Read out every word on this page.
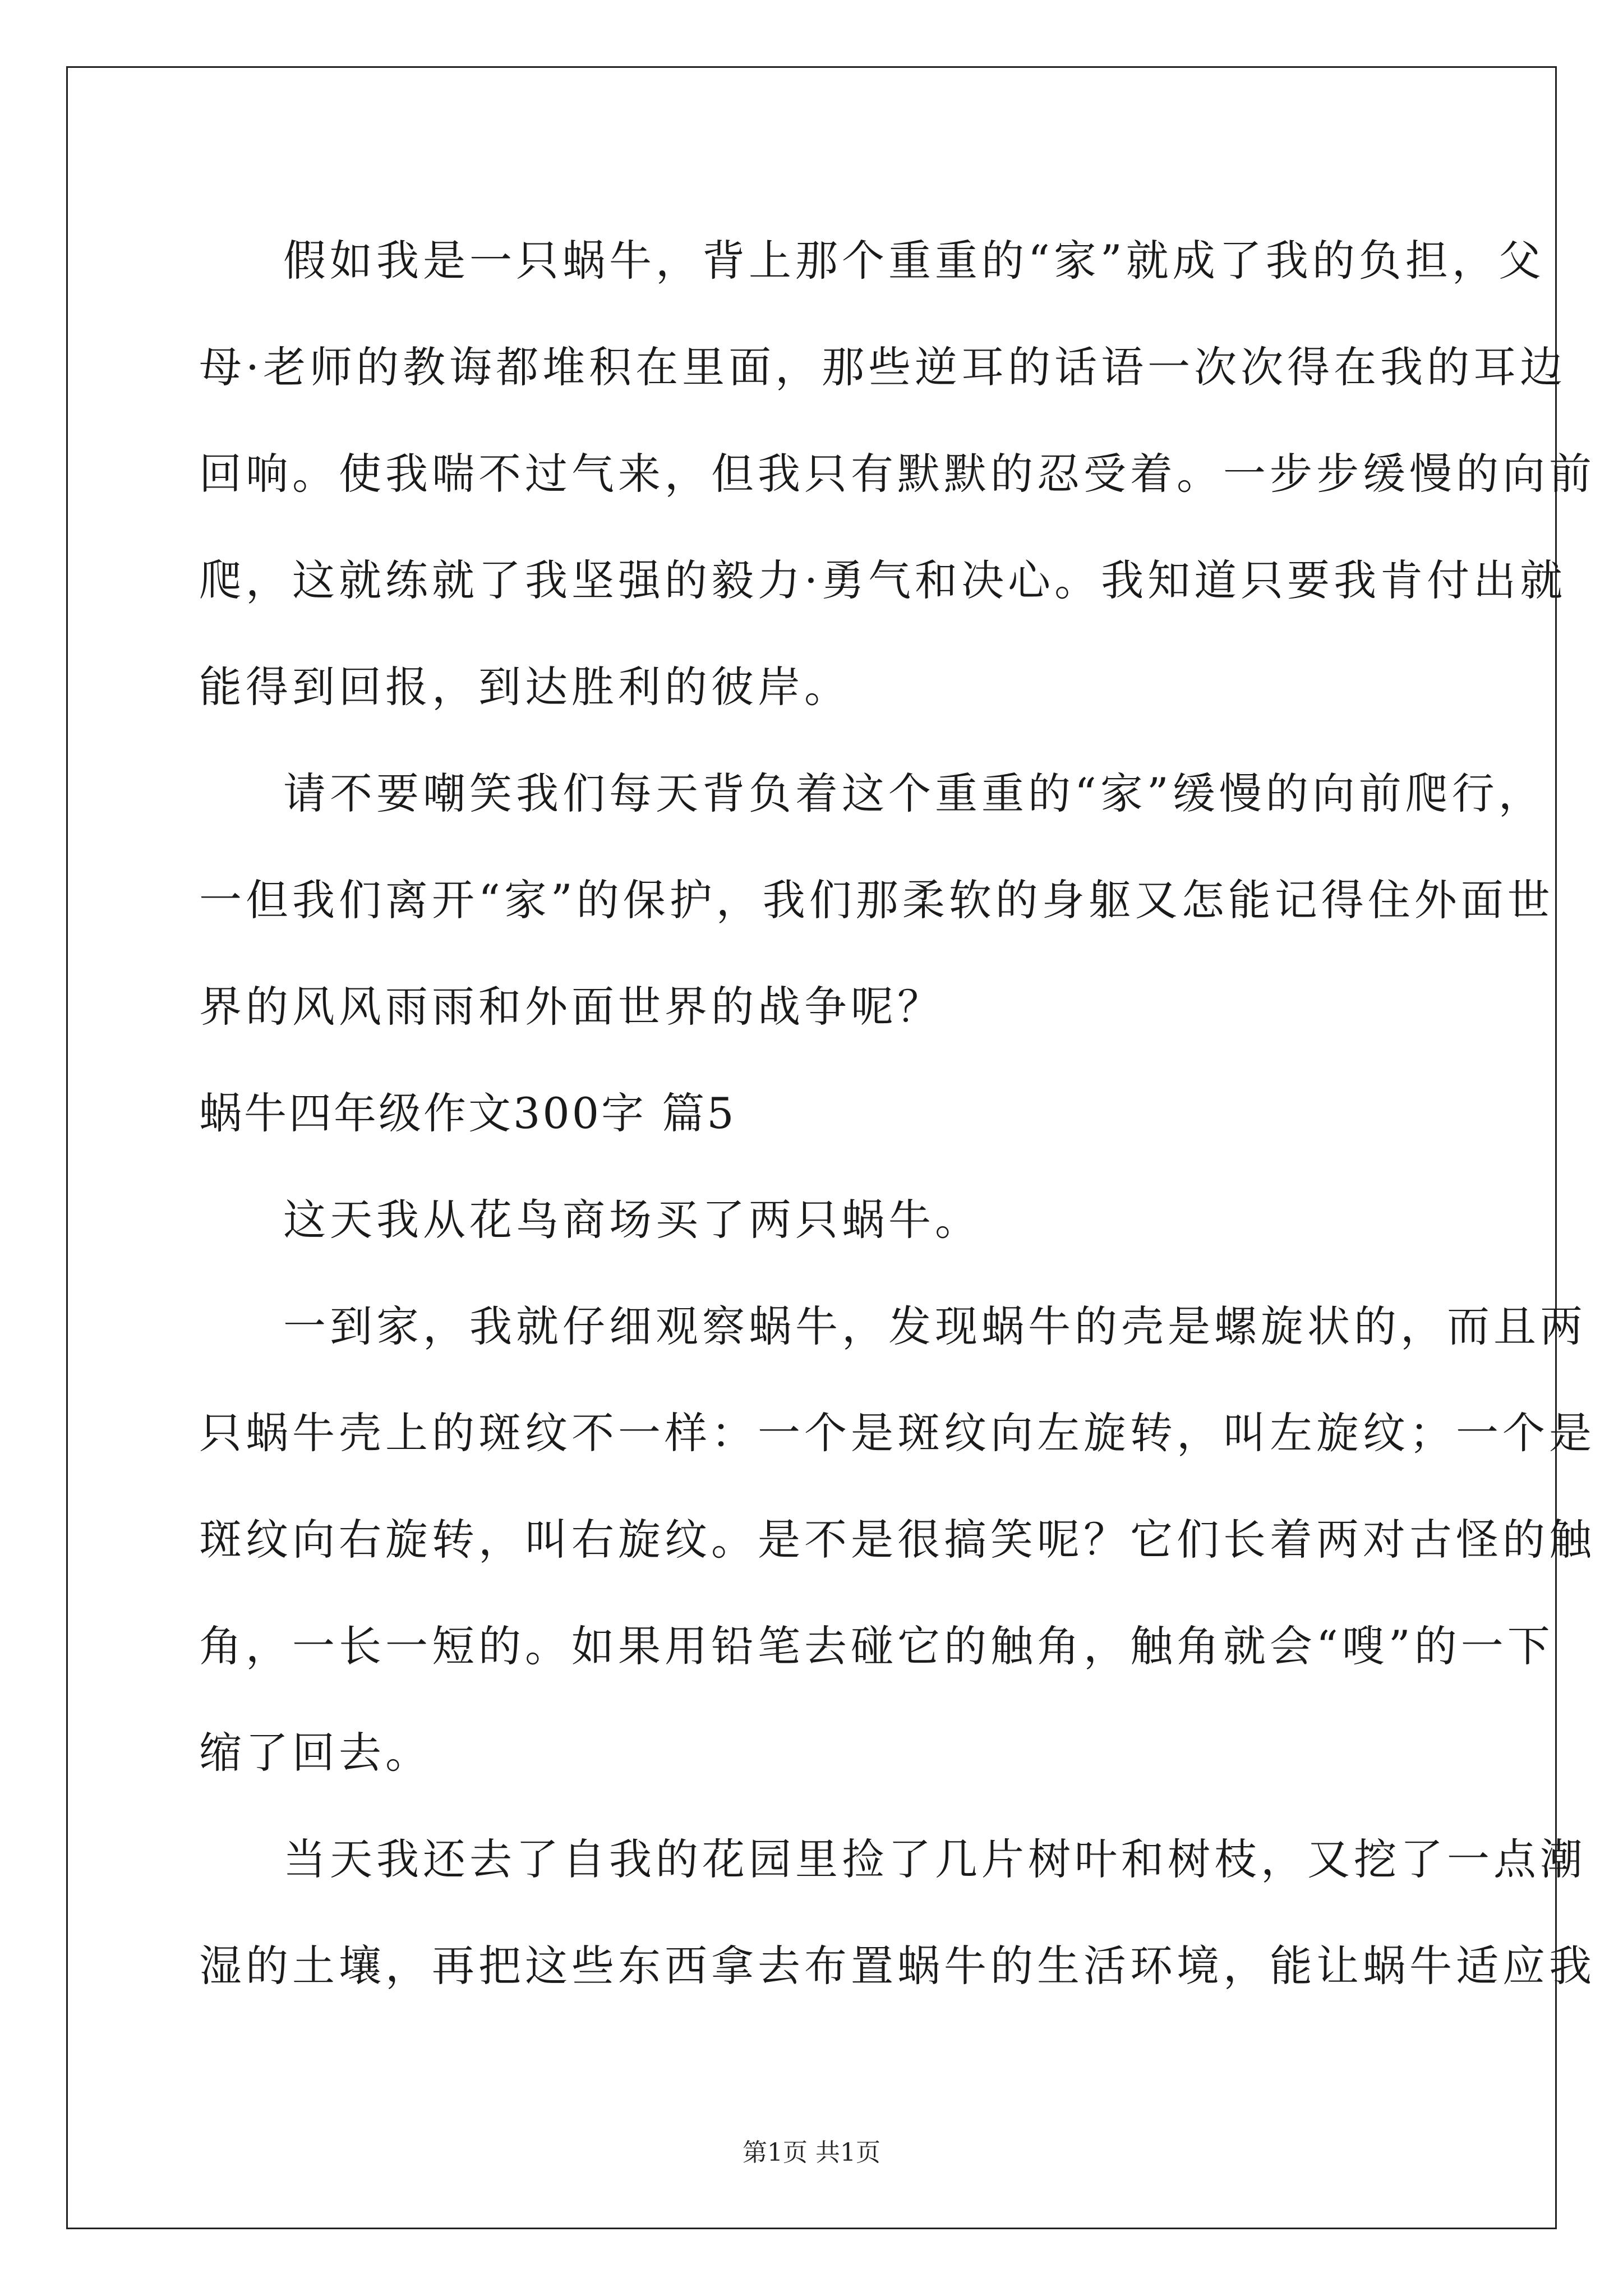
假如我是一只蜗牛，背上那个重重的“家”就成了我的负担，父
母·老师的教诲都堆积在里面，那些逆耳的话语一次次得在我的耳边
回响。使我喘不过气来，但我只有默默的忍受着。一步步缓慢的向前
爬，这就练就了我坚强的毅力·勇气和决心。我知道只要我肯付出就
能得到回报，到达胜利的彼岸。
请不要嘲笑我们每天背负着这个重重的“家”缓慢的向前爬行，
一但我们离开“家”的保护，我们那柔软的身躯又怎能记得住外面世
界的风风雨雨和外面世界的战争呢？
蜗牛四年级作文300字 篇5
这天我从花鸟商场买了两只蜗牛。
一到家，我就仔细观察蜗牛，发现蜗牛的壳是螺旋状的，而且两
只蜗牛壳上的斑纹不一样：一个是斑纹向左旋转，叫左旋纹；一个是
斑纹向右旋转，叫右旋纹。是不是很搞笑呢？它们长着两对古怪的触
角，一长一短的。如果用铅笔去碰它的触角，触角就会“嗖”的一下
缩了回去。
当天我还去了自我的花园里捡了几片树叶和树枝，又挖了一点潮
湿的土壤，再把这些东西拿去布置蜗牛的生活环境，能让蜗牛适应我
第1页 共1页
